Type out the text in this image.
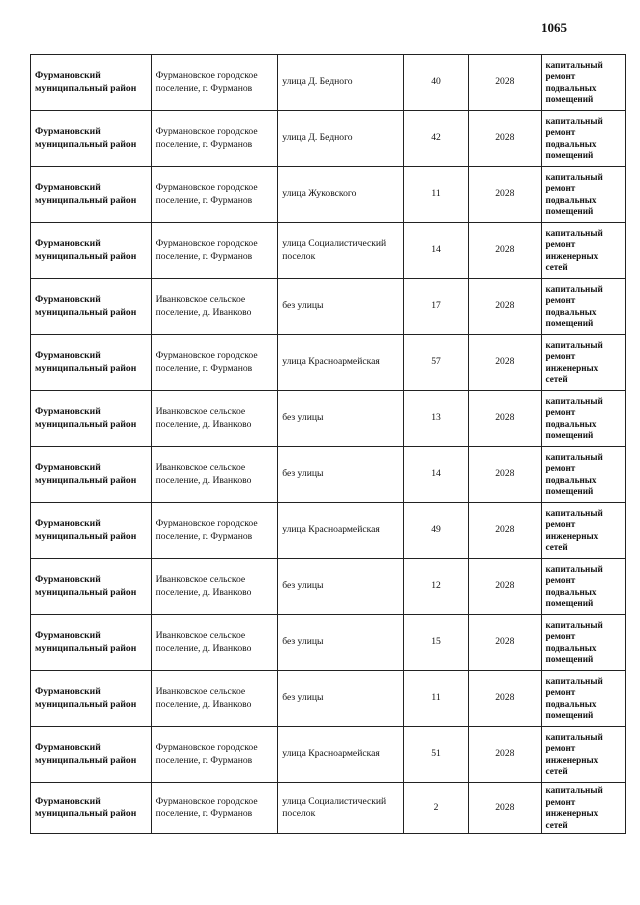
1065
Фурмановский муниципальный район	Фурмановское городское поселение, г. Фурманов	улица Д. Бедного	40	2028	капитальный ремонт подвальных помещений

Фурмановский муниципальный район	Фурмановское городское поселение, г. Фурманов	улица Д. Бедного	42	2028	капитальный ремонт подвальных помещений

Фурмановский муниципальный район	Фурмановское городское поселение, г. Фурманов	улица Жуковского	11	2028	капитальный ремонт подвальных помещений

Фурмановский муниципальный район	Фурмановское городское поселение, г. Фурманов	улица Социалистический поселок	14	2028	капитальный ремонт инженерных сетей

Фурмановский муниципальный район	Иванковское сельское поселение, д. Иванково	без улицы	17	2028	капитальный ремонт подвальных помещений

Фурмановский муниципальный район	Фурмановское городское поселение, г. Фурманов	улица Красноармейская	57	2028	капитальный ремонт инженерных сетей

Фурмановский муниципальный район	Иванковское сельское поселение, д. Иванково	без улицы	13	2028	капитальный ремонт подвальных помещений

Фурмановский муниципальный район	Иванковское сельское поселение, д. Иванково	без улицы	14	2028	капитальный ремонт подвальных помещений

Фурмановский муниципальный район	Фурмановское городское поселение, г. Фурманов	улица Красноармейская	49	2028	капитальный ремонт инженерных сетей

Фурмановский муниципальный район	Иванковское сельское поселение, д. Иванково	без улицы	12	2028	капитальный ремонт подвальных помещений

Фурмановский муниципальный район	Иванковское сельское поселение, д. Иванково	без улицы	15	2028	капитальный ремонт подвальных помещений

Фурмановский муниципальный район	Иванковское сельское поселение, д. Иванково	без улицы	11	2028	капитальный ремонт подвальных помещений

Фурмановский муниципальный район	Фурмановское городское поселение, г. Фурманов	улица Красноармейская	51	2028	капитальный ремонт инженерных сетей

Фурмановский муниципальный район	Фурмановское городское поселение, г. Фурманов	улица Социалистический поселок	2	2028	капитальный ремонт инженерных сетей
